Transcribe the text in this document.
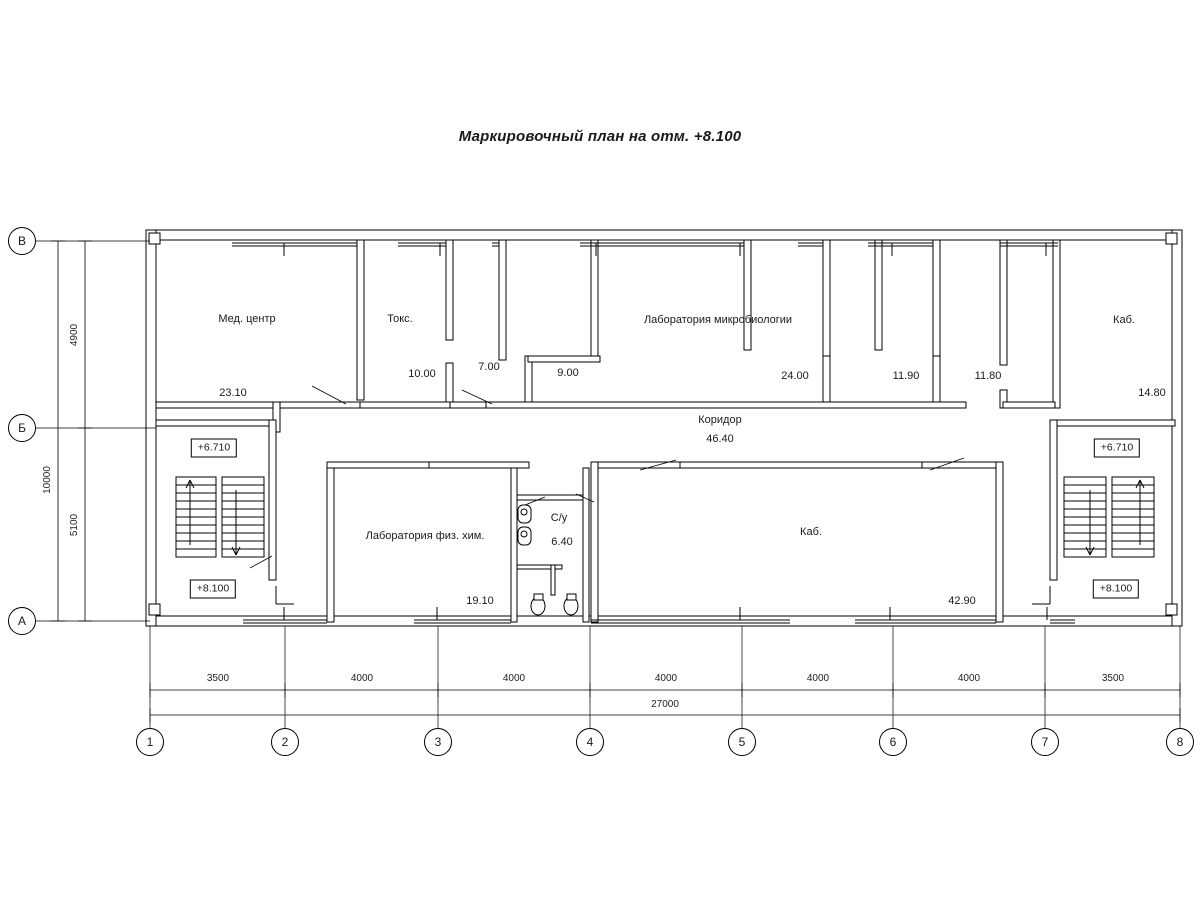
Маркировочный план на отм. +8.100
Мед. центр
23.10
Токс.
10.00
7.00	9.00
Лаборатория микробиологии
24.00	11.90	11.80
Каб.
14.80
Коридор
46.40
Лаборатория физ. хим.
19.10
С/у
6.40
Каб.
42.90
+6.710
+8.100
+6.710
+8.100
3500	4000	4000	4000	4000	4000	3500
27000
4900
5100
10000
1	2	3	4	5	6	7	8
В
Б
А
